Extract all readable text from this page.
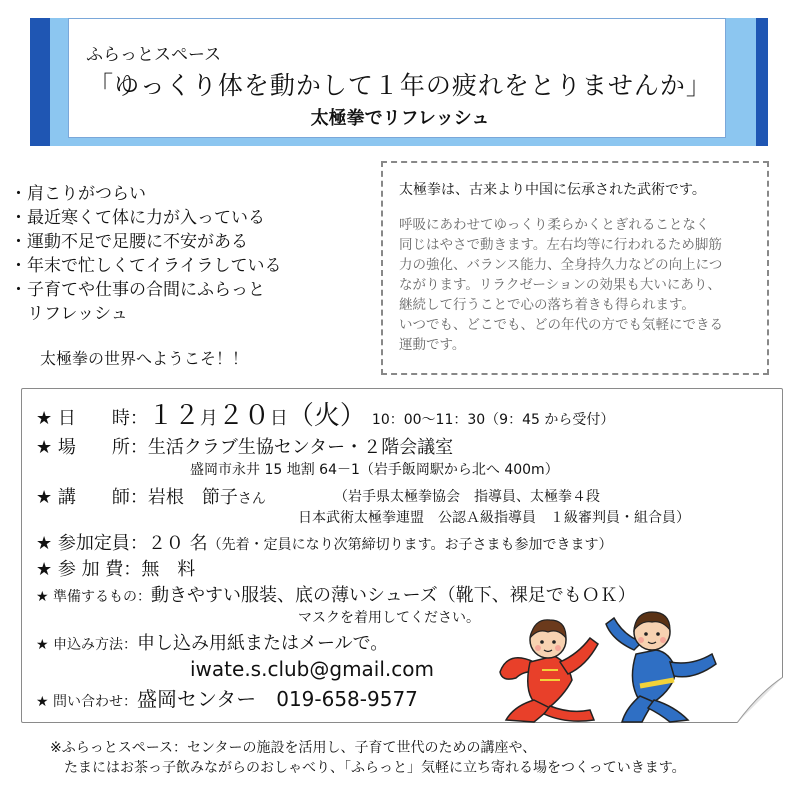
ふらっとスペース
「ゆっくり体を動かして１年の疲れをとりませんか」
太極拳でリフレッシュ
・肩こりがつらい
・最近寒くて体に力が入っている
・運動不足で足腰に不安がある
・年末で忙しくてイライラしている
・子育てや仕事の合間にふらっと
　リフレッシュ
太極拳の世界へようこそ！！
太極拳は、古来より中国に伝承された武術です。

呼吸にあわせてゆっくり柔らかくとぎれることなく

同じはやさで動きます。左右均等に行われるため脚筋

力の強化、バランス能力、全身持久力などの向上につ

ながります。リラクゼーションの効果も大いにあり、

継続して行うことで心の落ち着きも得られます。

いつでも、どこでも、どの年代の方でも気軽にできる

運動です。

★ 日　　時：１２月２０日（火） 10：00～11：30（9：45 から受付）
★ 場　　所：生活クラブ生協センター・２階会議室
盛岡市永井 15 地割 64－1（岩手飯岡駅から北へ 400m）
★ 講　　師：岩根　節子さん	（岩手県太極拳協会　指導員、太極拳４段
日本武術太極拳連盟　公認Ａ級指導員　１級審判員・組合員）
★ 参加定員：２０ 名（先着・定員になり次第締切ります。お子さまも参加できます）
★ 参 加 費：無　料
★ 準備するもの：動きやすい服装、底の薄いシューズ（靴下、裸足でもＯＫ）
マスクを着用してください。
★ 申込み方法：申し込み用紙またはメールで。
iwate.s.club@gmail.com
★ 問い合わせ：盛岡センター　019-658-9577
※ふらっとスペース：センターの施設を活用し、子育て世代のための講座や、
たまにはお茶っ子飲みながらのおしゃべり、「ふらっと」気軽に立ち寄れる場をつくっていきます。
